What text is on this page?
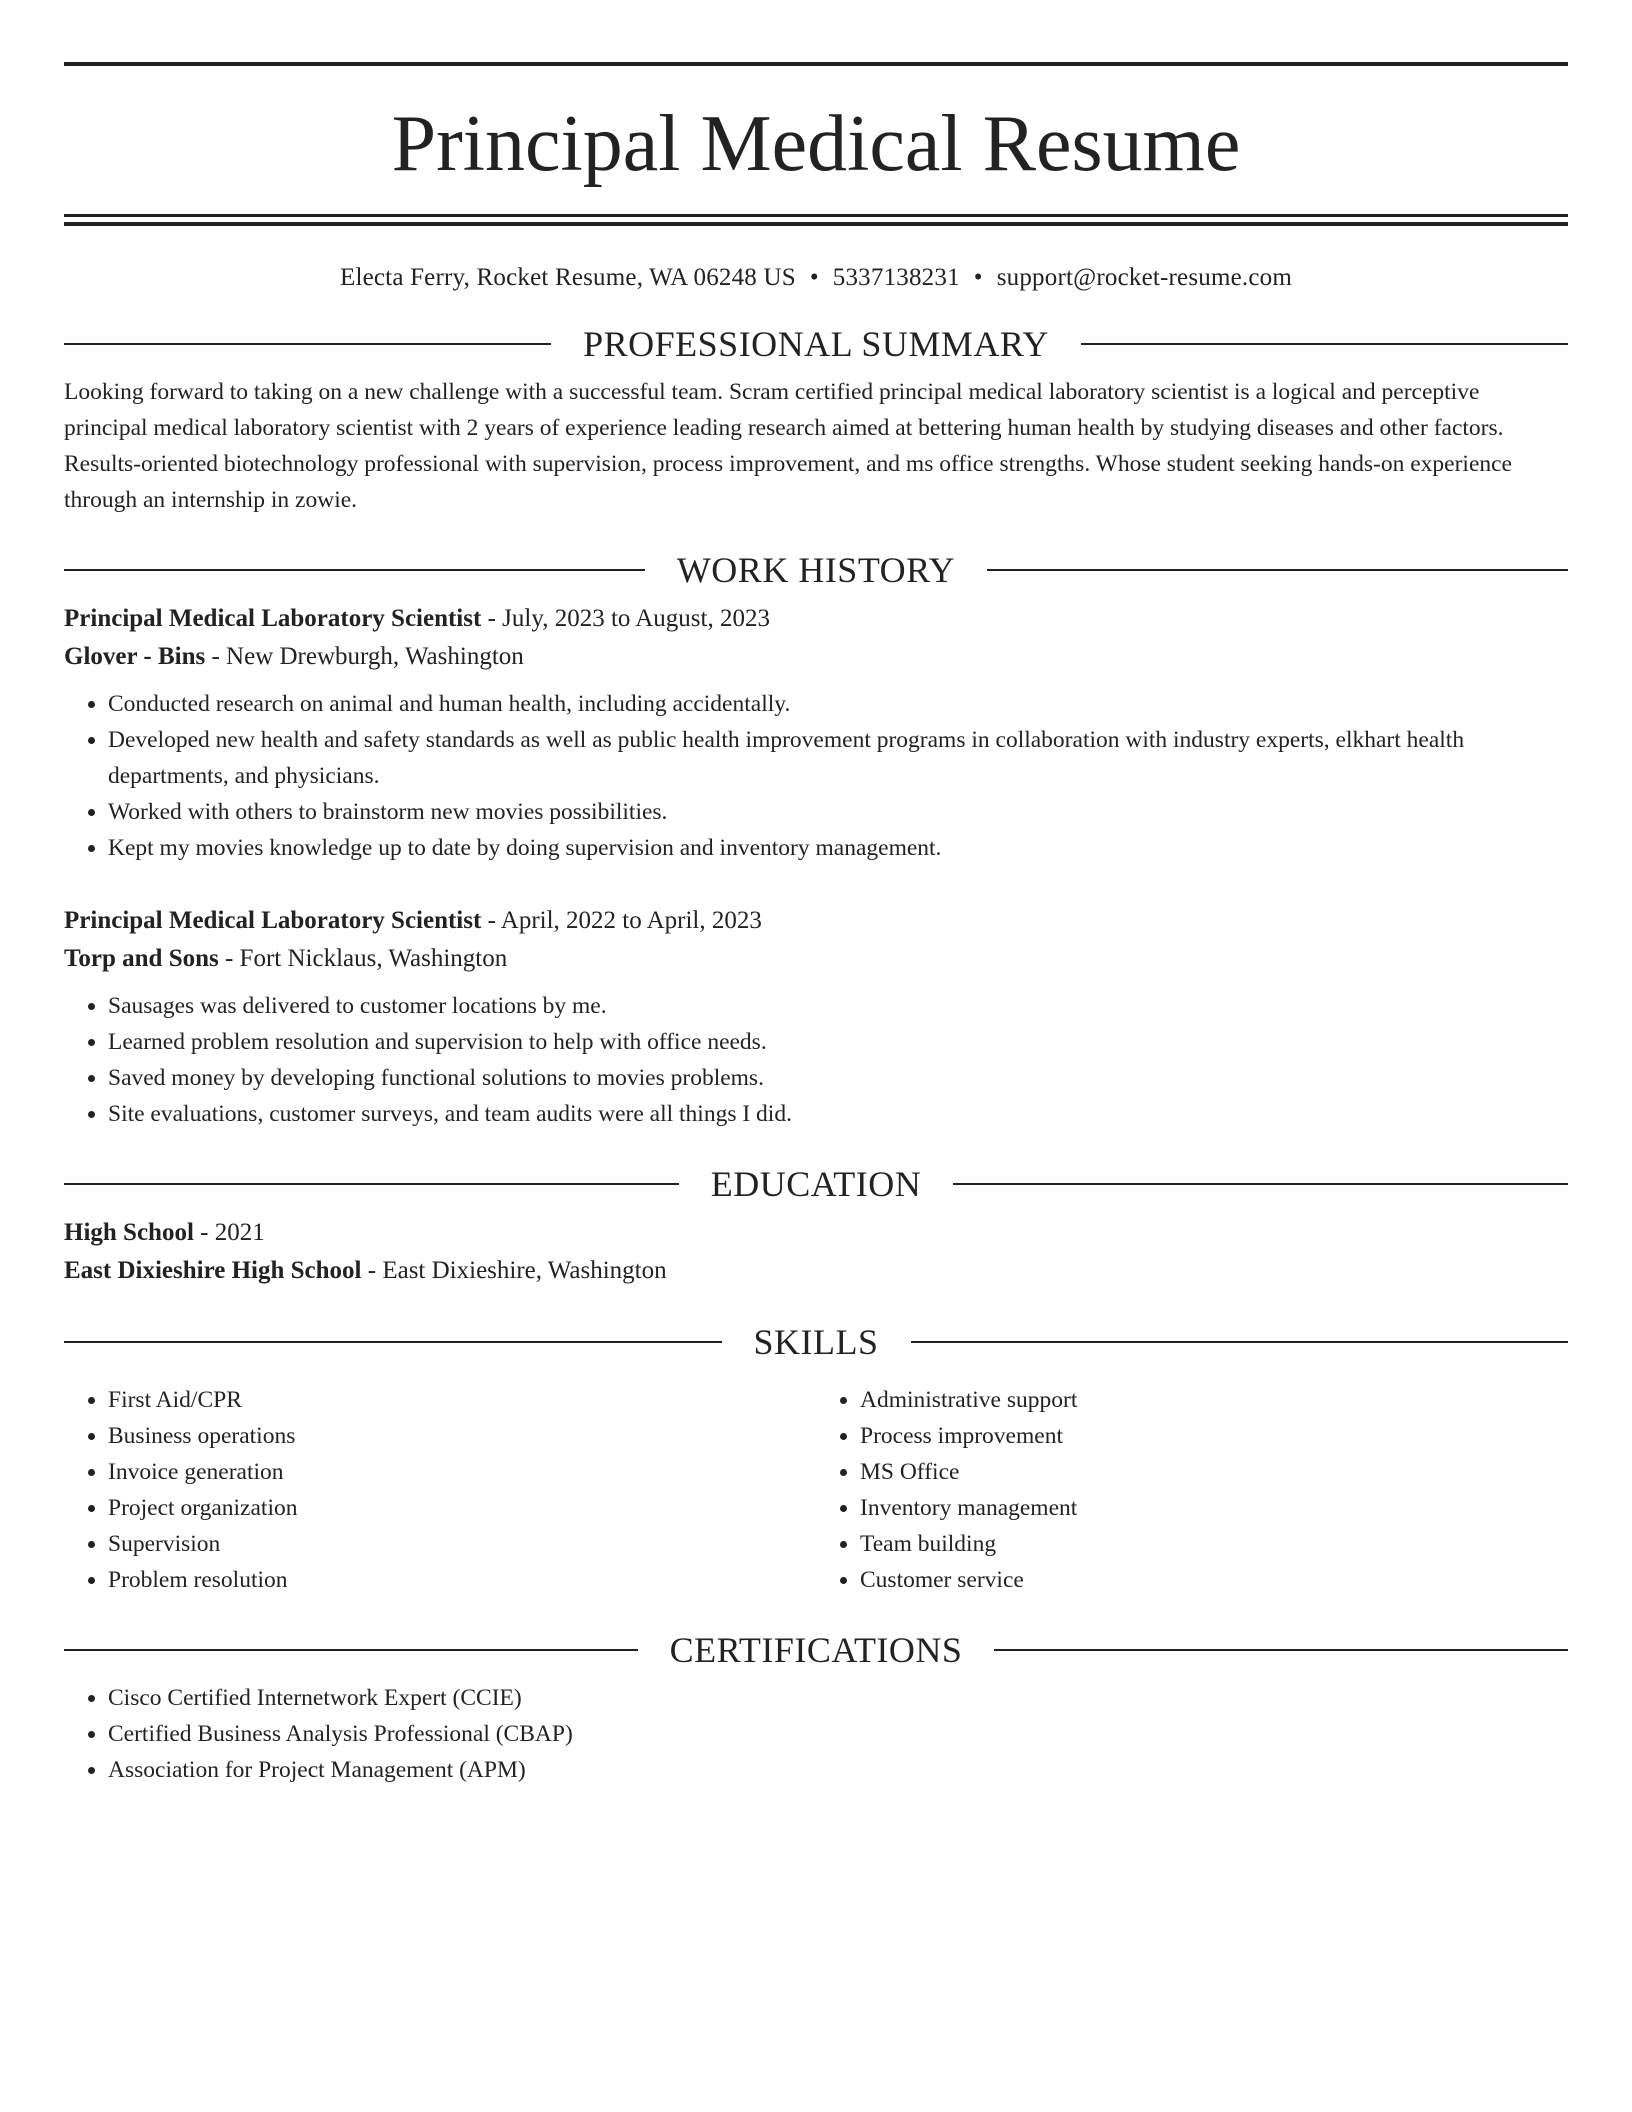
Principal Medical Resume
Electa Ferry, Rocket Resume, WA 06248 US • 5337138231 • support@rocket-resume.com
PROFESSIONAL SUMMARY

Looking forward to taking on a new challenge with a successful team. Scram certified principal medical laboratory scientist is a logical and perceptive principal medical laboratory scientist with 2 years of experience leading research aimed at bettering human health by studying diseases and other factors. Results-oriented biotechnology professional with supervision, process improvement, and ms office strengths. Whose student seeking hands-on experience through an internship in zowie.

WORK HISTORY

Principal Medical Laboratory Scientist - July, 2023 to August, 2023

Glover - Bins - New Drewburgh, Washington

• Conducted research on animal and human health, including accidentally.
• Developed new health and safety standards as well as public health improvement programs in collaboration with industry experts, elkhart health departments, and physicians.
• Worked with others to brainstorm new movies possibilities.
• Kept my movies knowledge up to date by doing supervision and inventory management.

Principal Medical Laboratory Scientist - April, 2022 to April, 2023

Torp and Sons - Fort Nicklaus, Washington

• Sausages was delivered to customer locations by me.
• Learned problem resolution and supervision to help with office needs.
• Saved money by developing functional solutions to movies problems.
• Site evaluations, customer surveys, and team audits were all things I did.
EDUCATION

High School - 2021

East Dixieshire High School - East Dixieshire, Washington

SKILLS
• First Aid/CPR
• Business operations
• Invoice generation
• Project organization
• Supervision
• Problem resolution
• Administrative support
• Process improvement
• MS Office
• Inventory management
• Team building
• Customer service
CERTIFICATIONS
• Cisco Certified Internetwork Expert (CCIE)
• Certified Business Analysis Professional (CBAP)
• Association for Project Management (APM)
